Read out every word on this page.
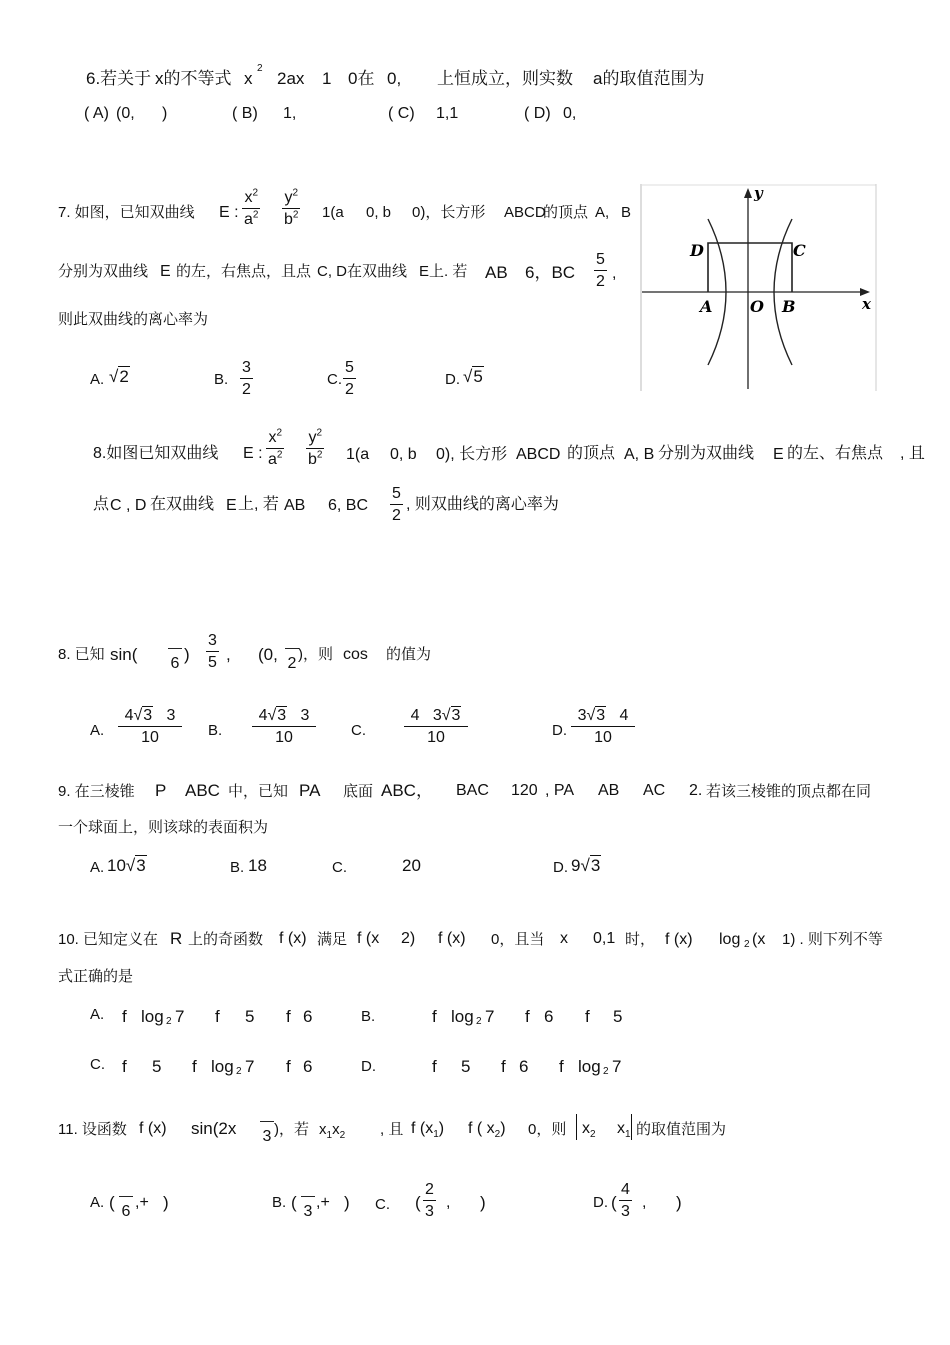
6.若关于 x的不等式 x
2
2ax 1 0在 0, 上恒成立，则实数 a的取值范围为
( A) (0, )	( B) 1,	( C) 1,1	( D) 0,
7. 如图，已知双曲线 E :
$x^2$
$a^2$
$y^2$
$b^2$ 1(a 0, b 0)，长方形 ABCD
的顶点 A, B
分别为双曲线 E 的左，右焦点，且点 C, D在双曲线 E上. 若 AB 6，BC
5
2 ,
则此双曲线的离心率为
A. √2	B.
3
2
C.
5
2
D. √5
y
x
D	C
A O B
8.如图已知双曲线 E :
$x^2$
$a^2$
$y^2$
$b^2$ 1(a 0, b 0), 长方形 ABCD 的顶点 A, B 分别为双曲线 E 的左、右焦点 , 且
点 C , D 在双曲线 E 上, 若 AB 6, BC
5
2
, 则双曲线的离心率为
8. 已知 sin( —
6 )
3
5 , (0, —
2
)，则 cos 的值为
A.
4√3 3
10	B.
4√3 3
10	C.
4 3√3
10	D.
3√3 4
10
9. 在三棱锥 P ABC 中，已知 PA 底面 ABC， BAC 120 , PA AB AC 2. 若该三棱锥的顶点都在同
一个球面上，则该球的表面积为
A. 10√3	B. 18	C.	20	D. 9√3
10. 已知定义在 R 上的奇函数 f (x) 满足 f (x 2) f (x) 0，且当 x 0,1 时， f (x) log 2 (x 1) . 则下列不等
式正确的是
A. f log 2 7 f 5 f 6	B.	f log 2 7 f 6 f 5
C. f 5 f log 2 7 f 6	D.	f 5 f 6 f log 2 7
11. 设函数 f (x) sin(2x —
3 )，若 $x_1x_2$ , 且 f $(x_1)$ f ( $x_2$) 0，则 $x_2$ $x_1$ 的取值范围为
A. ( —
6
,+ )	B. ( —
3
,+ ) C. (
2
3
, )	D. (
4
3
, )
